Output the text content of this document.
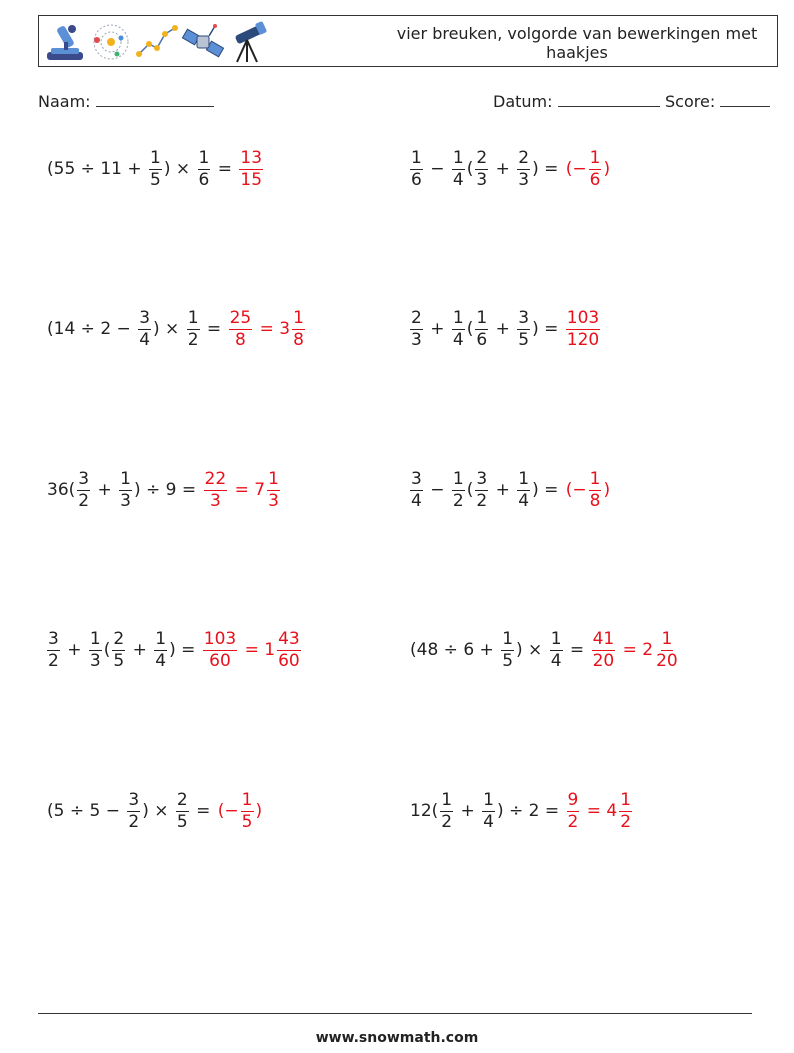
vier breuken, volgorde van bewerkingen met haakjes
Naam:	Datum:	Score:
($55 \div 11 + \frac{1}{5}$ ) × $\frac{1}{6} = \frac{13}{15}$	$\frac{1}{6} - \frac{1}{4}$ ( $\frac{2}{3} + \frac{2}{3}$ ) = (− $\frac{1}{6}$ )
($14 \div 2 - \frac{3}{4}$ ) × $\frac{1}{2} = \frac{25}{8} = 3 \frac{1}{8}$	$\frac{2}{3} + \frac{1}{4}$ ( $\frac{1}{6} + \frac{3}{5}$ ) = $\frac{103}{120}$
$36( \frac{3}{2} + \frac{1}{3}$ ) ÷ $9 = \frac{22}{3} = 7 \frac{1}{3}$	$\frac{3}{4} - \frac{1}{2}$ ( $\frac{3}{2} + \frac{1}{4}$ ) = (− $\frac{1}{8}$ )
$\frac{3}{2} + \frac{1}{3}$ ( $\frac{2}{5} + \frac{1}{4}$ ) = $\frac{103}{60} = 1 \frac{43}{60}$	($48 \div 6 + \frac{1}{5}$ ) × $\frac{1}{4} = \frac{41}{20} = 2 \frac{1}{20}$
($5 \div 5 - \frac{3}{2}$ ) × $\frac{2}{5}$ = (− $\frac{1}{5}$ )	$12( \frac{1}{2} + \frac{1}{4}$ ) ÷ $2 = \frac{9}{2} = 4 \frac{1}{2}$
www.snowmath.com
